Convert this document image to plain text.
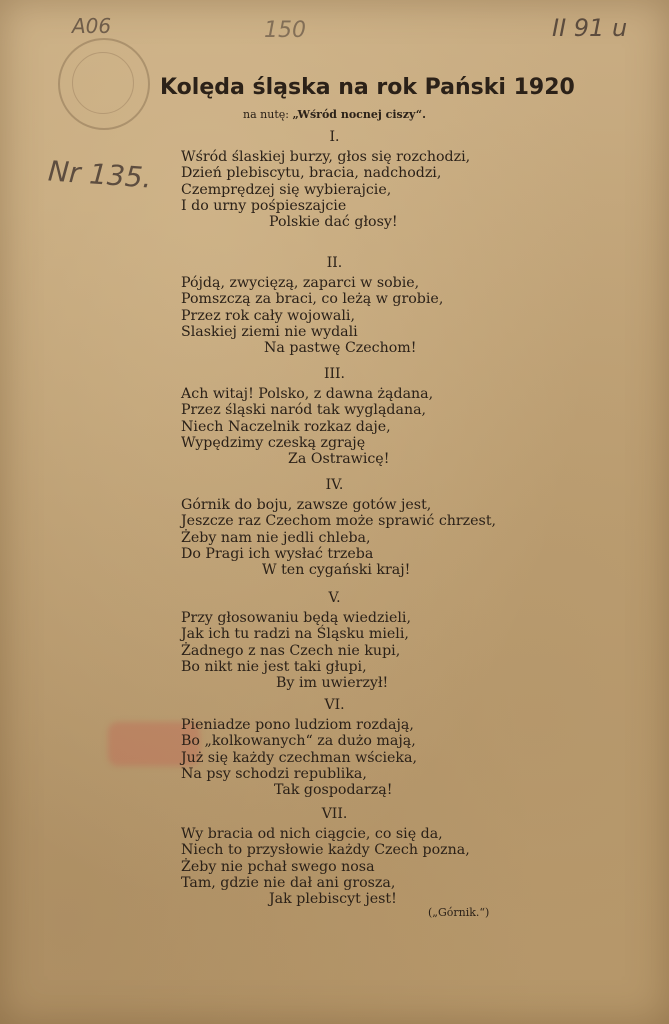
A06	150	II 91 u
Nr 135.
Kolęda śląska na rok Pański 1920
na nutę: „Wśród nocnej ciszy“.
I.
Wśród ślaskiej burzy, głos się rozchodzi,
Dzień plebiscytu, bracia, nadchodzi,
Czemprędzej się wybierajcie,
I do urny pośpieszajcie
Polskie dać głosy!
II.
Pójdą, zwycięzą, zaparci w sobie,
Pomszczą za braci, co leżą w grobie,
Przez rok cały wojowali,
Slaskiej ziemi nie wydali
Na pastwę Czechom!
III.
Ach witaj! Polsko, z dawna żądana,
Przez śląski naród tak wyglądana,
Niech Naczelnik rozkaz daje,
Wypędzimy czeską zgraję
Za Ostrawicę!
IV.
Górnik do boju, zawsze gotów jest,
Jeszcze raz Czechom może sprawić chrzest,
Żeby nam nie jedli chleba,
Do Pragi ich wysłać trzeba
W ten cygański kraj!
V.
Przy głosowaniu będą wiedzieli,
Jak ich tu radzi na Śląsku mieli,
Żadnego z nas Czech nie kupi,
Bo nikt nie jest taki głupi,
By im uwierzył!
VI.
Pieniadze pono ludziom rozdają,
Bo „kolkowanych“ za dużo mają,
Już się każdy czechman wścieka,
Na psy schodzi republika,
Tak gospodarzą!
VII.
Wy bracia od nich ciągcie, co się da,
Niech to przysłowie każdy Czech pozna,
Żeby nie pchał swego nosa
Tam, gdzie nie dał ani grosza,
Jak plebiscyt jest!
(„Górnik.“)
